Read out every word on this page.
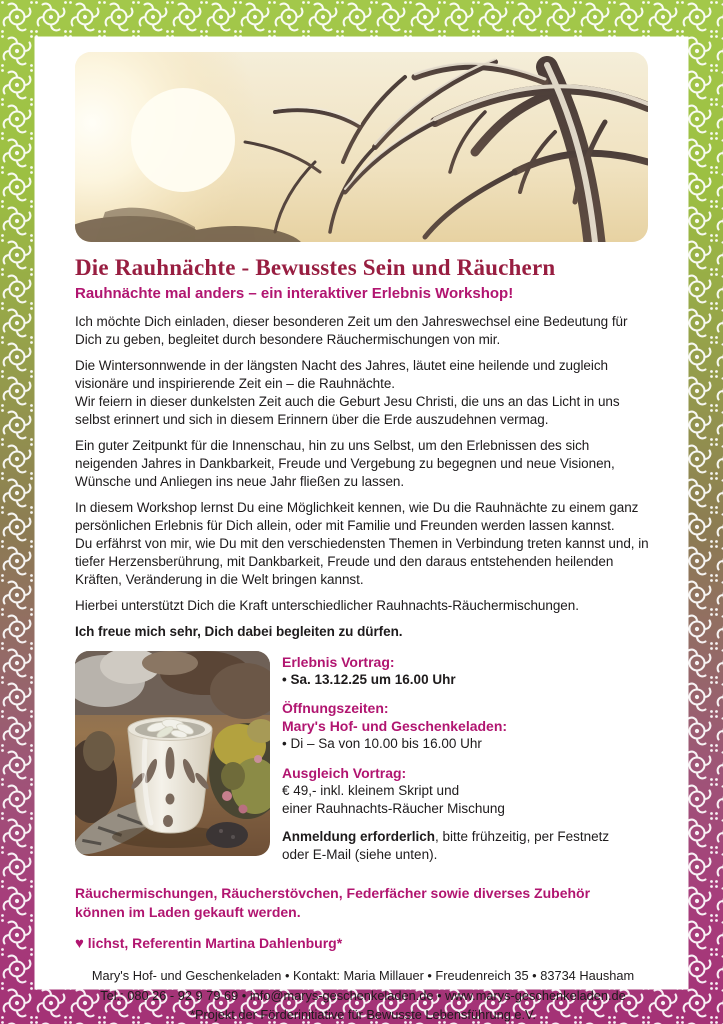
Die Rauhnächte - Bewusstes Sein und Räuchern
Rauhnächte mal anders – ein interaktiver Erlebnis Workshop!

Ich möchte Dich einladen, dieser besonderen Zeit um den Jahreswechsel eine Bedeutung für Dich zu geben, begleitet durch besondere Räuchermischungen von mir.

Die Wintersonnwende in der längsten Nacht des Jahres, läutet eine heilende und zugleich visionäre und inspirierende Zeit ein – die Rauhnächte.

Wir feiern in dieser dunkelsten Zeit auch die Geburt Jesu Christi, die uns an das Licht in uns selbst erinnert und sich in diesem Erinnern über die Erde auszudehnen vermag.

Ein guter Zeitpunkt für die Innenschau, hin zu uns Selbst, um den Erlebnissen des sich neigenden Jahres in Dankbarkeit, Freude und Vergebung zu begegnen und neue Visionen, Wünsche und Anliegen ins neue Jahr fließen zu lassen.

In diesem Workshop lernst Du eine Möglichkeit kennen, wie Du die Rauhnächte zu einem ganz persönlichen Erlebnis für Dich allein, oder mit Familie und Freunden werden lassen kannst.

Du erfährst von mir, wie Du mit den verschiedensten Themen in Verbindung treten kannst und, in tiefer Herzensberührung, mit Dankbarkeit, Freude und den daraus entstehenden heilenden Kräften, Veränderung in die Welt bringen kannst.

Hierbei unterstützt Dich die Kraft unterschiedlicher Rauhnachts-Räuchermischungen.

Ich freue mich sehr, Dich dabei begleiten zu dürfen.

Erlebnis Vortrag:
• Sa. 13.12.25 um 16.00 Uhr
Öffnungszeiten:
Mary's Hof- und Geschenkeladen:
• Di – Sa von 10.00 bis 16.00 Uhr
Ausgleich Vortrag:
€ 49,- inkl. kleinem Skript und
einer Rauhnachts-Räucher Mischung
Anmeldung erforderlich, bitte frühzeitig, per Festnetz oder E-Mail (siehe unten).
Räuchermischungen, Räucherstövchen, Federfächer sowie diverses Zubehör können im Laden gekauft werden.
♥ lichst, Referentin Martina Dahlenburg*
Mary's Hof- und Geschenkeladen • Kontakt: Maria Millauer • Freudenreich 35 • 83734 Hausham
Tel.: 080 26 - 92 9 79 69 • info@marys-geschenkeladen.de • www.marys-geschenkeladen.de
*Projekt der Förderinitiative für Bewusste Lebensführung e.V.
